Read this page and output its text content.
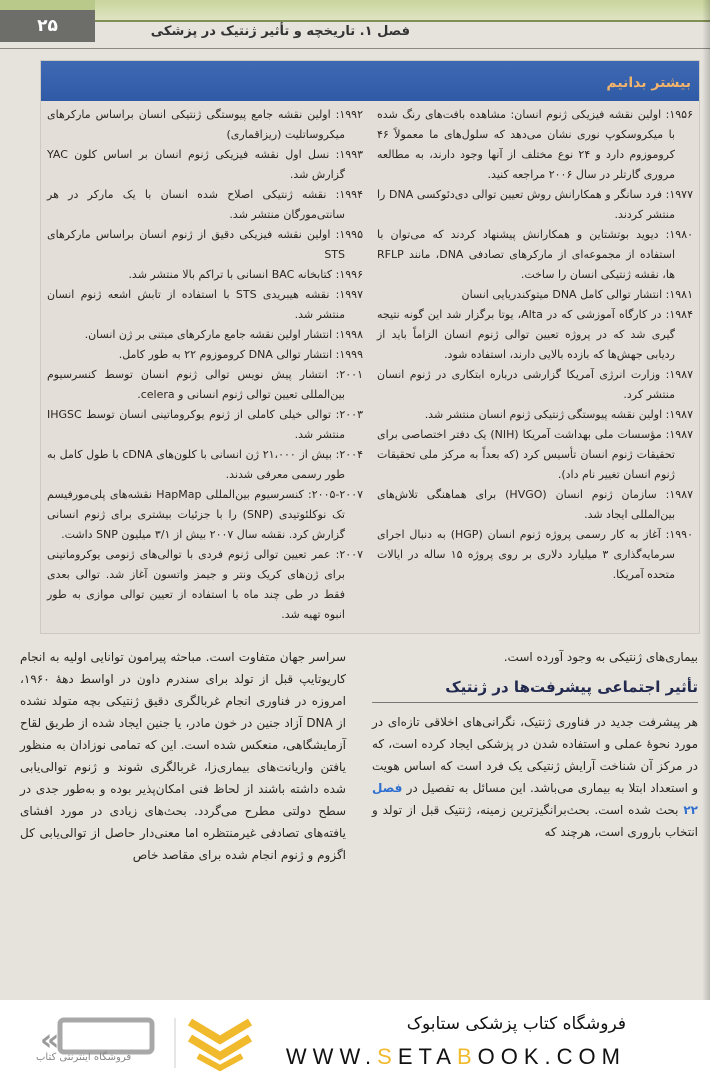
۲۵	فصل ۱. تاریخچه و تأثیر ژنتیک در پزشکی
بیشتر بدانیم

۱۹۵۶: اولین نقشه فیزیکی ژنوم انسان: مشاهده بافت‌های رنگ شده با میکروسکوپ نوری نشان می‌دهد که سلول‌های ما معمولاً ۴۶ کروموزوم دارد و ۲۴ نوع مختلف از آنها وجود دارند، به مطالعه مروری گارتلر در سال ۲۰۰۶ مراجعه کنید.

۱۹۷۷: فرد سانگر و همکارانش روش تعیین توالی دی‌دئوکسی DNA را منتشر کردند.

۱۹۸۰: دیوید بوتشتاین و همکارانش پیشنهاد کردند که می‌توان با استفاده از مجموعه‌ای از مارکرهای تصادفی DNA، مانند RFLP ها، نقشه ژنتیکی انسان را ساخت.

۱۹۸۱: انتشار توالی کامل DNA میتوکندریایی انسان

۱۹۸۴: در کارگاه آموزشی که در Alta، یوتا برگزار شد این گونه نتیجه گیری شد که در پروژه تعیین توالی ژنوم انسان الزاماً باید از ردیابی جهش‌ها که بازده بالایی دارند، استفاده شود.

۱۹۸۷: وزارت انرژی آمریکا گزارشی درباره ابتکاری در ژنوم انسان منتشر کرد.

۱۹۸۷: اولین نقشه پیوستگی ژنتیکی ژنوم انسان منتشر شد.

۱۹۸۷: مؤسسات ملی بهداشت آمریکا (NIH) یک دفتر اختصاصی برای تحقیقات ژنوم انسان تأسیس کرد (که بعداً به مرکز ملی تحقیقات ژنوم انسان تغییر نام داد).

۱۹۸۷: سازمان ژنوم انسان (HVGO) برای هماهنگی تلاش‌های بین‌المللی ایجاد شد.

۱۹۹۰: آغاز به کار رسمی پروژه ژنوم انسان (HGP) به دنبال اجرای سرمایه‌گذاری ۳ میلیارد دلاری بر روی پروژه ۱۵ ساله در ایالات متحده آمریکا.

۱۹۹۲: اولین نقشه جامع پیوستگی ژنتیکی انسان براساس مارکرهای میکروساتلیت (ریزاقماری)

۱۹۹۳: نسل اول نقشه فیزیکی ژنوم انسان بر اساس کلون YAC گزارش شد.

۱۹۹۴: نقشه ژنتیکی اصلاح شده انسان با یک مارکر در هر سانتی‌مورگان منتشر شد.

۱۹۹۵: اولین نقشه فیزیکی دقیق از ژنوم انسان براساس مارکرهای STS

۱۹۹۶: کتابخانه BAC انسانی با تراکم بالا منتشر شد.

۱۹۹۷: نقشه هیبریدی STS با استفاده از تابش اشعه ژنوم انسان منتشر شد.

۱۹۹۸: انتشار اولین نقشه جامع مارکرهای مبتنی بر ژن انسان.

۱۹۹۹: انتشار توالی DNA کروموزوم ۲۲ به طور کامل.

۲۰۰۱: انتشار پیش نویس توالی ژنوم انسان توسط کنسرسیوم بین‌المللی تعیین توالی ژنوم انسانی و celera.

۲۰۰۳: توالی خیلی کاملی از ژنوم یوکروماتینی انسان توسط IHGSC منتشر شد.

۲۰۰۴: بیش از ۲۱،۰۰۰ ژن انسانی با کلون‌های cDNA با طول کامل به طور رسمی معرفی شدند.

۲۰۰۵-۲۰۰۷: کنسرسیوم بین‌المللی HapMap نقشه‌های پلی‌مورفیسم تک نوکلئوتیدی (SNP) را با جزئیات بیشتری برای ژنوم انسانی گزارش کرد. نقشه سال ۲۰۰۷ بیش از ۳/۱ میلیون SNP داشت.

۲۰۰۷: عمر تعیین توالی ژنوم فردی با توالی‌های ژنومی یوکروماتینی برای ژن‌های کریک ونتر و جیمز واتسون آغاز شد. توالی بعدی فقط در طی چند ماه با استفاده از تعیین توالی موازی به طور انبوه تهیه شد.

بیماری‌های ژنتیکی به وجود آورده است.
تأثیر اجتماعی پیشرفت‌ها در ژنتیک
هر پیشرفت جدید در فناوری ژنتیک، نگرانی‌های اخلاقی تازه‌ای در مورد نحوۀ عملی و استفاده شدن در پزشکی ایجاد کرده است، که در مرکز آن شناخت آرایش ژنتیکی یک فرد است که اساس هویت و استعداد ابتلا به بیماری می‌باشد. این مسائل به تفصیل در فصل ۲۲ بحث شده است. بحث‌برانگیزترین زمینه، ژنتیک قبل از تولد و انتخاب باروری است، هرچند که
سراسر جهان متفاوت است. مباحثه پیرامون توانایی اولیه به انجام کاریوتایپ قبل از تولد برای سندرم داون در اواسط دهۀ ۱۹۶۰، امروزه در فناوری انجام غربالگری دقیق ژنتیکی بچه متولد نشده از DNA آزاد جنین در خون مادر، یا جنین ایجاد شده از طریق لقاح آزمایشگاهی، منعکس شده است. این که تمامی نوزادان به منظور یافتن واریانت‌های بیماری‌زا، غربالگری شوند و ژنوم توالی‌یابی شده داشته باشند از لحاظ فنی امکان‌پذیر بوده و به‌طور جدی در سطح دولتی مطرح می‌گردد. بحث‌های زیادی در مورد افشای یافته‌های تصادفی غیرمنتظره اما معنی‌دار حاصل از توالی‌یابی کل اگزوم و ژنوم انجام شده برای مقاصد خاص
فروشگاه کتاب پزشکی ستابوک
WWW.SETABOOK.COM
«
فروشگاه اینترنتی کتاب
